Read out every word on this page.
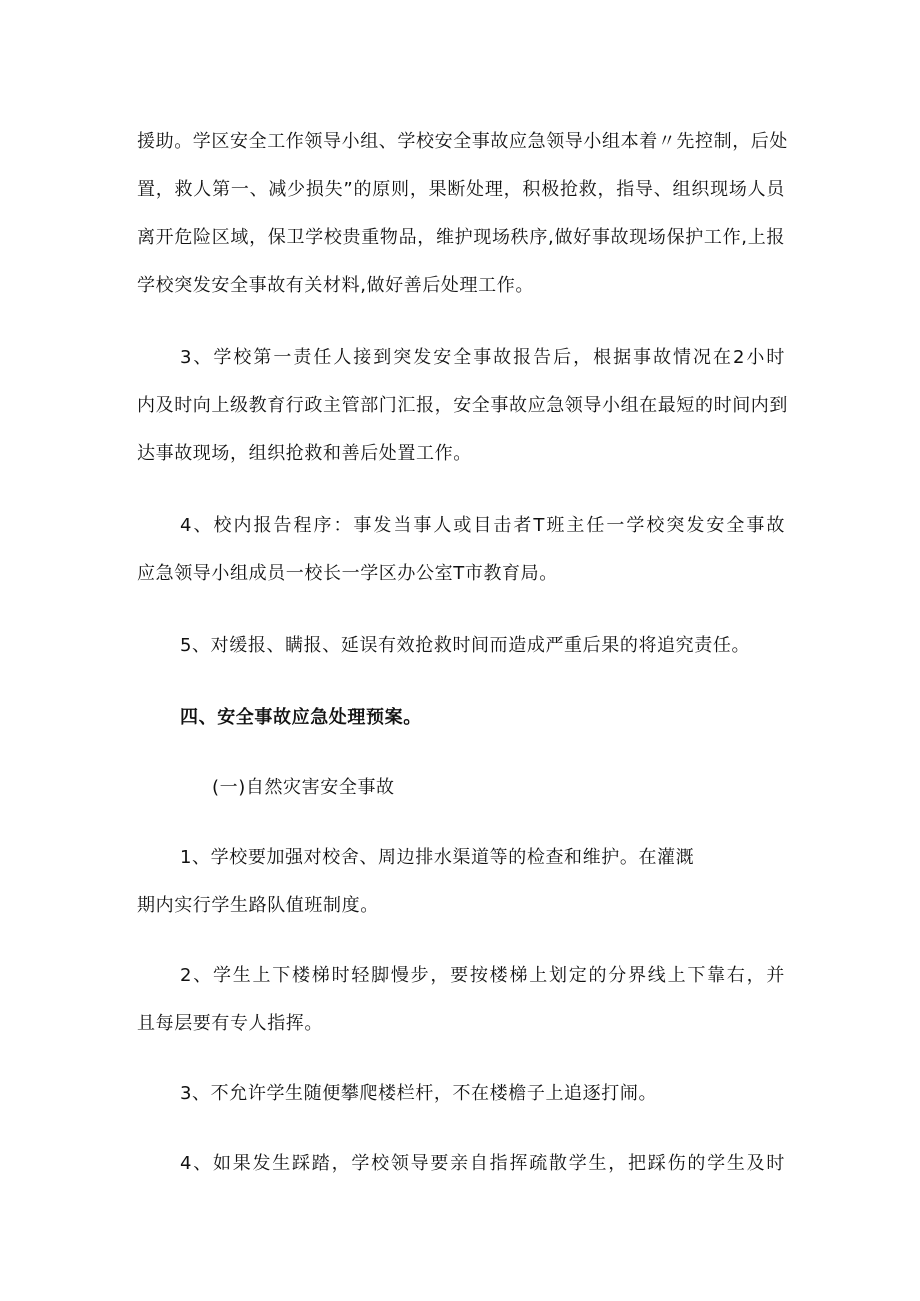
援助。学区安全工作领导小组、学校安全事故应急领导小组本着〃先控制，后处
置，救人第一、减少损失”的原则，果断处理，积极抢救，指导、组织现场人员
离开危险区域，保卫学校贵重物品，维护现场秩序,做好事故现场保护工作,上报
学校突发安全事故有关材料,做好善后处理工作。
3、学校第一责任人接到突发安全事故报告后，根据事故情况在2小时
内及时向上级教育行政主管部门汇报，安全事故应急领导小组在最短的时间内到
达事故现场，组织抢救和善后处置工作。
4、校内报告程序：事发当事人或目击者T班主任一学校突发安全事故
应急领导小组成员一校长一学区办公室T市教育局。
5、对缓报、瞒报、延误有效抢救时间而造成严重后果的将追究责任。
四、安全事故应急处理预案。
(一)自然灾害安全事故
1、学校要加强对校舍、周边排水渠道等的检查和维护。在灌溉
期内实行学生路队值班制度。
2、学生上下楼梯时轻脚慢步，要按楼梯上划定的分界线上下靠右，并
且每层要有专人指挥。
3、不允许学生随便攀爬楼栏杆，不在楼檐子上追逐打闹。
4、如果发生踩踏，学校领导要亲自指挥疏散学生，把踩伤的学生及时
